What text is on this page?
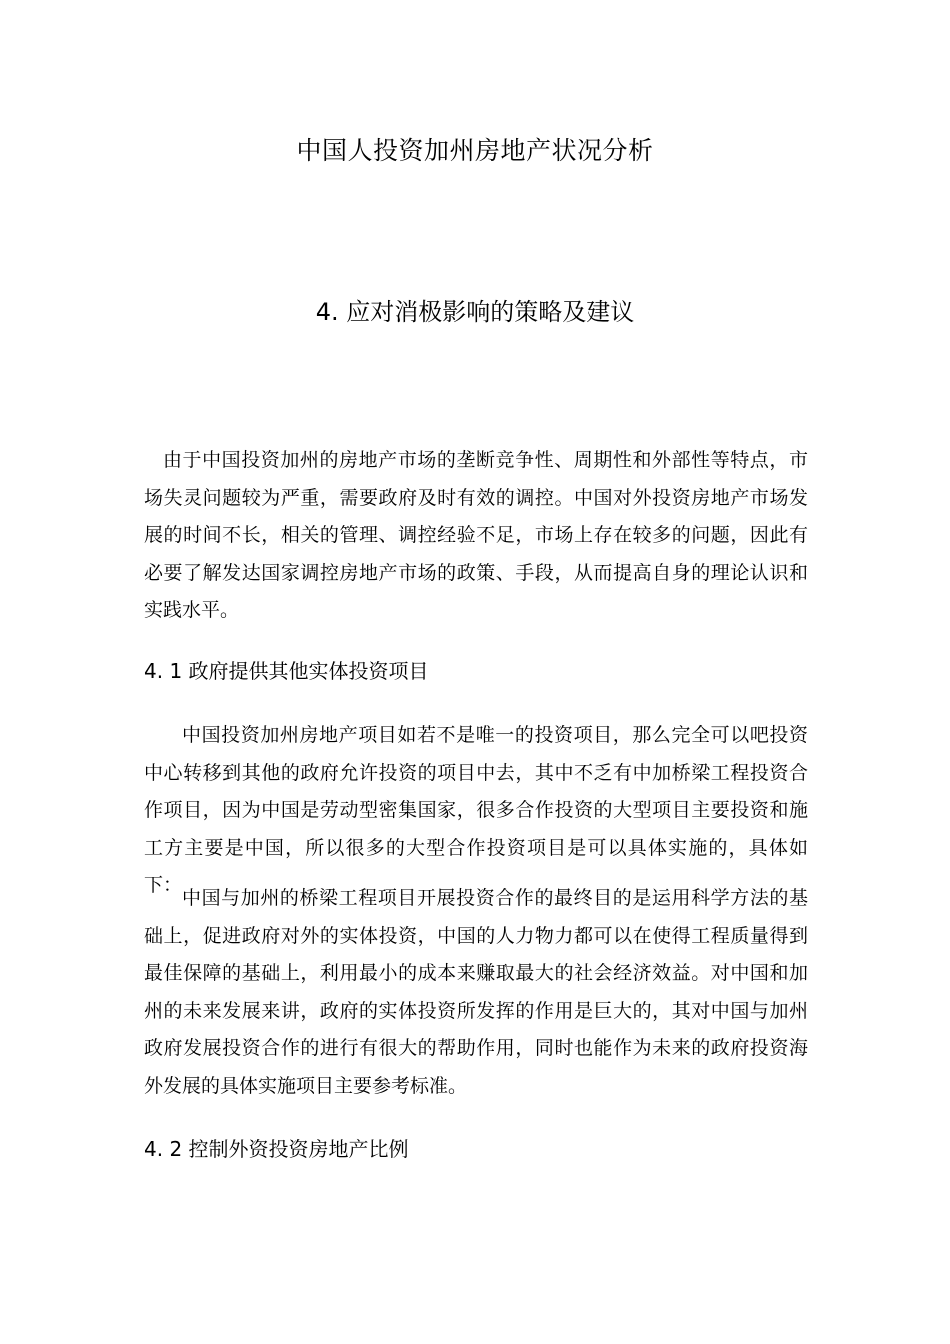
中国人投资加州房地产状况分析
4. 应对消极影响的策略及建议

由于中国投资加州的房地产市场的垄断竞争性、周期性和外部性等特点，市场失灵问题较为严重，需要政府及时有效的调控。中国对外投资房地产市场发展的时间不长，相关的管理、调控经验不足，市场上存在较多的问题，因此有必要了解发达国家调控房地产市场的政策、手段，从而提高自身的理论认识和实践水平。

4. 1 政府提供其他实体投资项目

中国投资加州房地产项目如若不是唯一的投资项目，那么完全可以吧投资中心转移到其他的政府允许投资的项目中去，其中不乏有中加桥梁工程投资合作项目，因为中国是劳动型密集国家，很多合作投资的大型项目主要投资和施工方主要是中国，所以很多的大型合作投资项目是可以具体实施的，具体如下：

中国与加州的桥梁工程项目开展投资合作的最终目的是运用科学方法的基础上，促进政府对外的实体投资，中国的人力物力都可以在使得工程质量得到最佳保障的基础上，利用最小的成本来赚取最大的社会经济效益。对中国和加州的未来发展来讲，政府的实体投资所发挥的作用是巨大的，其对中国与加州政府发展投资合作的进行有很大的帮助作用，同时也能作为未来的政府投资海外发展的具体实施项目主要参考标准。

4. 2 控制外资投资房地产比例
